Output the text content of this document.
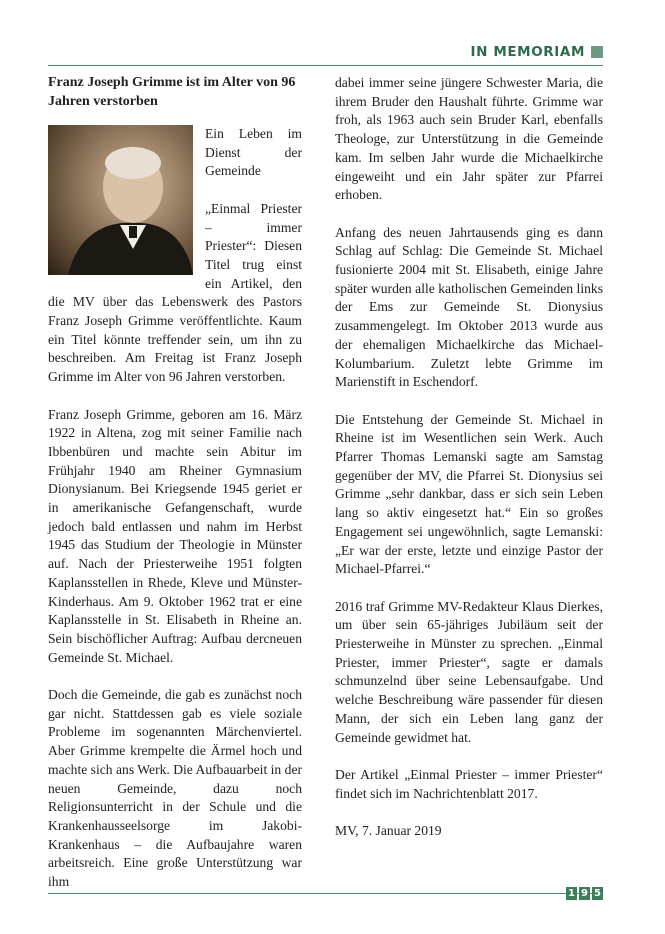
IN MEMORIAM
Franz Joseph Grimme ist im Alter von 96 Jahren verstorben

Ein Leben im Dienst der Gemeinde

„Einmal Priester – immer Priester“: Diesen Titel trug einst ein Artikel, den die MV über das Lebenswerk des Pastors Franz Joseph Grimme veröffentlichte. Kaum ein Titel könnte treffender sein, um ihn zu beschreiben. Am Freitag ist Franz Joseph Grimme im Alter von 96 Jahren verstorben.

Franz Joseph Grimme, geboren am 16. März 1922 in Altena, zog mit seiner Familie nach Ibbenbüren und machte sein Abitur im Frühjahr 1940 am Rheiner Gymnasium Dionysianum. Bei Kriegsende 1945 geriet er in amerikanische Gefangenschaft, wurde jedoch bald entlassen und nahm im Herbst 1945 das Studium der Theologie in Münster auf. Nach der Priesterweihe 1951 folgten Kaplansstellen in Rhede, Kleve und Münster-Kinderhaus. Am 9. Oktober 1962 trat er eine Kaplansstelle in St. Elisabeth in Rheine an. Sein bischöflicher Auftrag: Aufbau dercneuen Gemeinde St. Michael.

Doch die Gemeinde, die gab es zunächst noch gar nicht. Stattdessen gab es viele soziale Probleme im sogenannten Märchenviertel. Aber Grimme krempelte die Ärmel hoch und machte sich ans Werk. Die Aufbauarbeit in der neuen Gemeinde, dazu noch Religionsunterricht in der Schule und die Krankenhausseelsorge im Jakobi-Krankenhaus – die Aufbaujahre waren arbeitsreich. Eine große Unterstützung war ihm

dabei immer seine jüngere Schwester Maria, die ihrem Bruder den Haushalt führte. Grimme war froh, als 1963 auch sein Bruder Karl, ebenfalls Theologe, zur Unterstützung in die Gemeinde kam. Im selben Jahr wurde die Michaelkirche eingeweiht und ein Jahr später zur Pfarrei erhoben.

Anfang des neuen Jahrtausends ging es dann Schlag auf Schlag: Die Gemeinde St. Michael fusionierte 2004 mit St. Elisabeth, einige Jahre später wurden alle katholischen Gemeinden links der Ems zur Gemeinde St. Dionysius zusammengelegt. Im Oktober 2013 wurde aus der ehemaligen Michaelkirche das Michael-Kolumbarium. Zuletzt lebte Grimme im Marienstift in Eschendorf.

Die Entstehung der Gemeinde St. Michael in Rheine ist im Wesentlichen sein Werk. Auch Pfarrer Thomas Lemanski sagte am Samstag gegenüber der MV, die Pfarrei St. Dionysius sei Grimme „sehr dankbar, dass er sich sein Leben lang so aktiv eingesetzt hat.“ Ein so großes Engagement sei ungewöhnlich, sagte Lemanski: „Er war der erste, letzte und einzige Pastor der Michael-Pfarrei.“

2016 traf Grimme MV-Redakteur Klaus Dierkes, um über sein 65-jähriges Jubiläum seit der Priesterweihe in Münster zu sprechen. „Einmal Priester, immer Priester“, sagte er damals schmunzelnd über seine Lebensaufgabe. Und welche Beschreibung wäre passender für diesen Mann, der sich ein Leben lang ganz der Gemeinde gewidmet hat.

Der Artikel „Einmal Priester – immer Priester“ findet sich im Nachrichtenblatt 2017.

MV, 7. Januar 2019

1 9 5
